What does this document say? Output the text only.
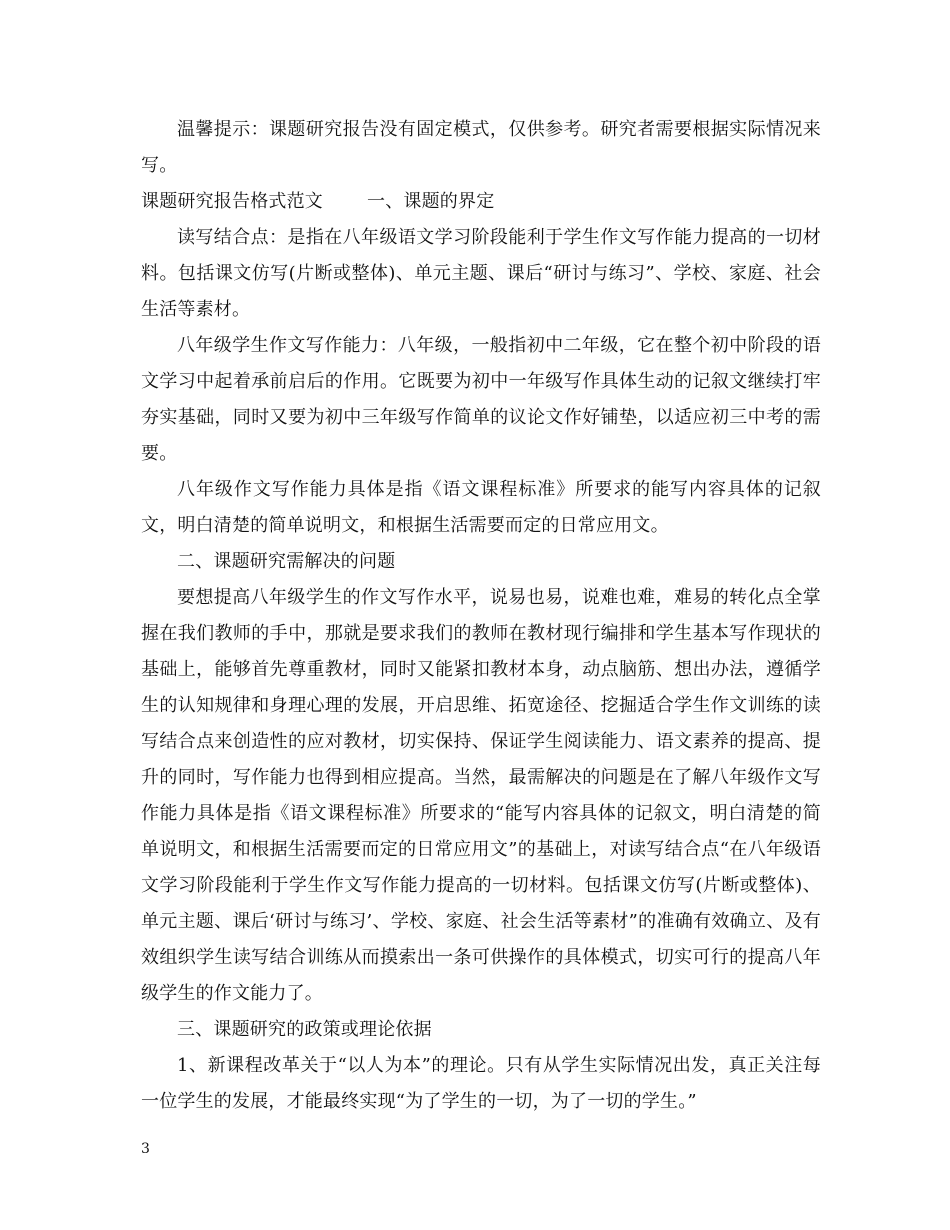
温馨提示：课题研究报告没有固定模式，仅供参考。研究者需要根据实际情况来写。

课题研究报告格式范文 一、课题的界定

读写结合点：是指在八年级语文学习阶段能利于学生作文写作能力提高的一切材料。包括课文仿写(片断或整体)、单元主题、课后“研讨与练习”、学校、家庭、社会生活等素材。

八年级学生作文写作能力：八年级，一般指初中二年级，它在整个初中阶段的语文学习中起着承前启后的作用。它既要为初中一年级写作具体生动的记叙文继续打牢夯实基础，同时又要为初中三年级写作简单的议论文作好铺垫，以适应初三中考的需要。

八年级作文写作能力具体是指《语文课程标准》所要求的能写内容具体的记叙文，明白清楚的简单说明文，和根据生活需要而定的日常应用文。

二、课题研究需解决的问题

要想提高八年级学生的作文写作水平，说易也易，说难也难，难易的转化点全掌握在我们教师的手中，那就是要求我们的教师在教材现行编排和学生基本写作现状的基础上，能够首先尊重教材，同时又能紧扣教材本身，动点脑筋、想出办法，遵循学生的认知规律和身理心理的发展，开启思维、拓宽途径、挖掘适合学生作文训练的读写结合点来创造性的应对教材，切实保持、保证学生阅读能力、语文素养的提高、提升的同时，写作能力也得到相应提高。当然，最需解决的问题是在了解八年级作文写作能力具体是指《语文课程标准》所要求的“能写内容具体的记叙文，明白清楚的简单说明文，和根据生活需要而定的日常应用文”的基础上，对读写结合点“在八年级语文学习阶段能利于学生作文写作能力提高的一切材料。包括课文仿写(片断或整体)、单元主题、课后‘研讨与练习’、学校、家庭、社会生活等素材”的准确有效确立、及有效组织学生读写结合训练从而摸索出一条可供操作的具体模式，切实可行的提高八年级学生的作文能力了。

三、课题研究的政策或理论依据

1、新课程改革关于“以人为本”的理论。只有从学生实际情况出发，真正关注每一位学生的发展，才能最终实现“为了学生的一切，为了一切的学生。”

3
